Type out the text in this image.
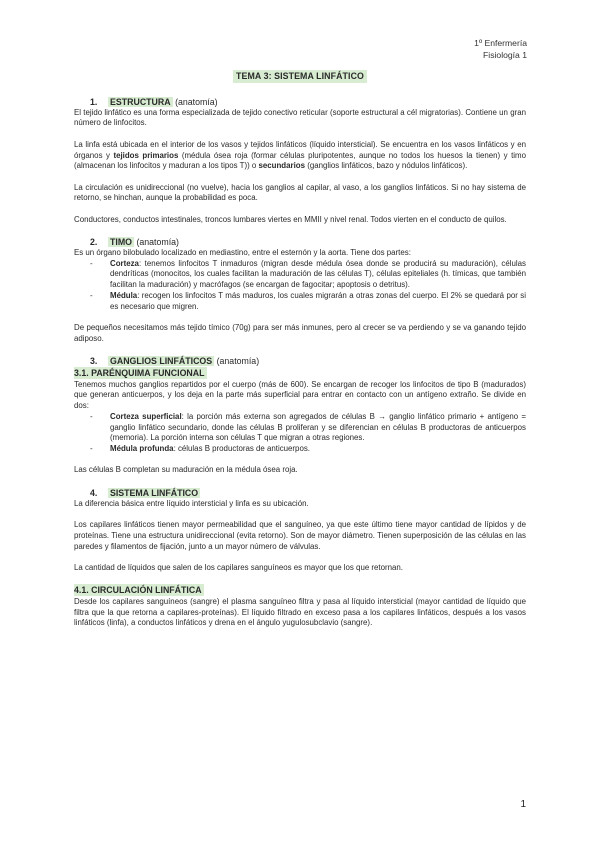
1º Enfermería
Fisiología 1
TEMA 3: SISTEMA LINFÁTICO
1. ESTRUCTURA (anatomía)

El tejido linfático es una forma especializada de tejido conectivo reticular (soporte estructural a cél migratorias). Contiene un gran número de linfocitos.

La linfa está ubicada en el interior de los vasos y tejidos linfáticos (líquido intersticial). Se encuentra en los vasos linfáticos y en órganos y tejidos primarios (médula ósea roja (formar células pluripotentes, aunque no todos los huesos la tienen) y timo (almacenan los linfocitos y maduran a los tipos T)) o secundarios (ganglios linfáticos, bazo y nódulos linfáticos).

La circulación es unidireccional (no vuelve), hacia los ganglios al capilar, al vaso, a los ganglios linfáticos. Si no hay sistema de retorno, se hinchan, aunque la probabilidad es poca.

Conductores, conductos intestinales, troncos lumbares viertes en MMII y nivel renal. Todos vierten en el conducto de quilos.

2. TIMO (anatomía)

Es un órgano bilobulado localizado en mediastino, entre el esternón y la aorta. Tiene dos partes:

- Corteza: tenemos linfocitos T inmaduros (migran desde médula ósea donde se producirá su maduración), células dendríticas (monocitos, los cuales facilitan la maduración de las células T), células epiteliales (h. tímicas, que también facilitan la maduración) y macrófagos (se encargan de fagocitar; apoptosis o detritus).
- Médula: recogen los linfocitos T más maduros, los cuales migrarán a otras zonas del cuerpo. El 2% se quedará por si es necesario que migren.

De pequeños necesitamos más tejido tímico (70g) para ser más inmunes, pero al crecer se va perdiendo y se va ganando tejido adiposo.

3. GANGLIOS LINFÁTICOS (anatomía)
3.1. PARÉNQUIMA FUNCIONAL

Tenemos muchos ganglios repartidos por el cuerpo (más de 600). Se encargan de recoger los linfocitos de tipo B (madurados) que generan anticuerpos, y los deja en la parte más superficial para entrar en contacto con un antígeno extraño. Se divide en dos:

- Corteza superficial: la porción más externa son agregados de células B → ganglio linfático primario + antígeno = ganglio linfático secundario, donde las células B proliferan y se diferencian en células B productoras de anticuerpos (memoria). La porción interna son células T que migran a otras regiones.
- Médula profunda: células B productoras de anticuerpos.

Las células B completan su maduración en la médula ósea roja.

4. SISTEMA LINFÁTICO

La diferencia básica entre líquido intersticial y linfa es su ubicación.

Los capilares linfáticos tienen mayor permeabilidad que el sanguíneo, ya que este último tiene mayor cantidad de lípidos y de proteínas. Tiene una estructura unidireccional (evita retorno). Son de mayor diámetro. Tienen superposición de las células en las paredes y filamentos de fijación, junto a un mayor número de válvulas.

La cantidad de líquidos que salen de los capilares sanguíneos es mayor que los que retornan.

4.1. CIRCULACIÓN LINFÁTICA

Desde los capilares sanguíneos (sangre) el plasma sanguíneo filtra y pasa al líquido intersticial (mayor cantidad de líquido que filtra que la que retorna a capilares-proteínas). El líquido filtrado en exceso pasa a los capilares linfáticos, después a los vasos linfáticos (linfa), a conductos linfáticos y drena en el ángulo yugulosubclavio (sangre).

1
